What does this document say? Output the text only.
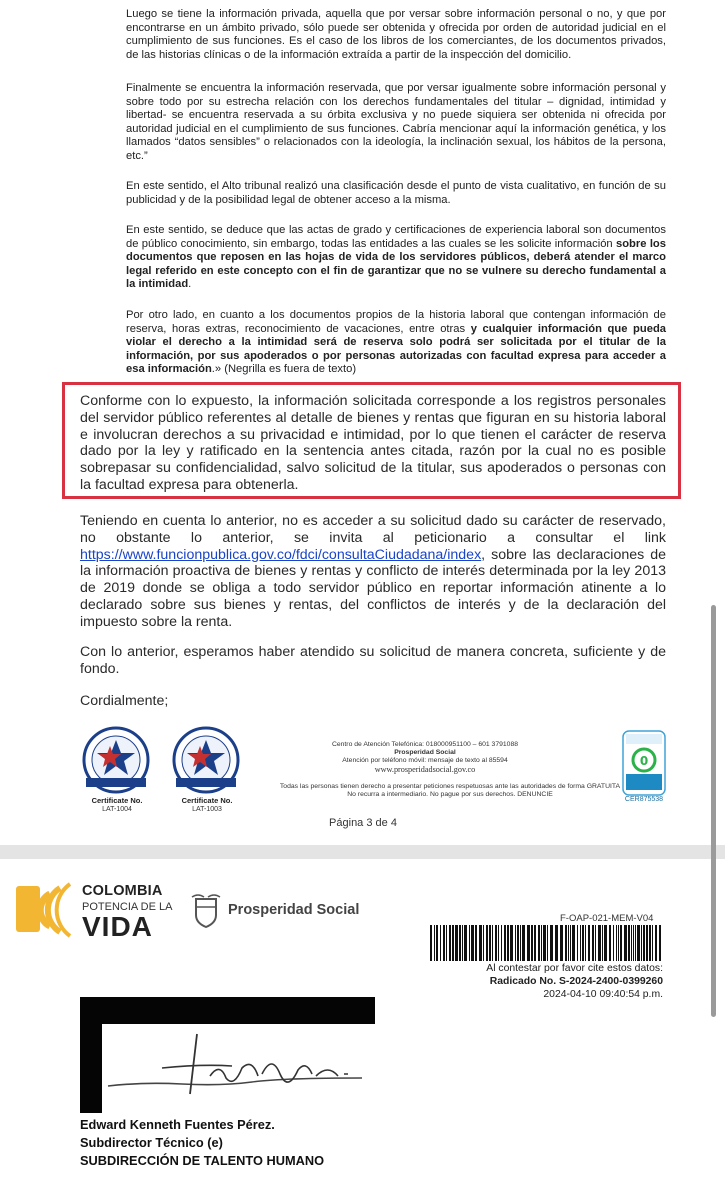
Luego se tiene la información privada, aquella que por versar sobre información personal o no, y que por encontrarse en un ámbito privado, sólo puede ser obtenida y ofrecida por orden de autoridad judicial en el cumplimiento de sus funciones. Es el caso de los libros de los comerciantes, de los documentos privados, de las historias clínicas o de la información extraída a partir de la inspección del domicilio.

Finalmente se encuentra la información reservada, que por versar igualmente sobre información personal y sobre todo por su estrecha relación con los derechos fundamentales del titular – dignidad, intimidad y libertad- se encuentra reservada a su órbita exclusiva y no puede siquiera ser obtenida ni ofrecida por autoridad judicial en el cumplimiento de sus funciones. Cabría mencionar aquí la información genética, y los llamados “datos sensibles” o relacionados con la ideología, la inclinación sexual, los hábitos de la persona, etc.”

En este sentido, el Alto tribunal realizó una clasificación desde el punto de vista cualitativo, en función de su publicidad y de la posibilidad legal de obtener acceso a la misma.

En este sentido, se deduce que las actas de grado y certificaciones de experiencia laboral son documentos de público conocimiento, sin embargo, todas las entidades a las cuales se les solicite información sobre los documentos que reposen en las hojas de vida de los servidores públicos, deberá atender el marco legal referido en este concepto con el fin de garantizar que no se vulnere su derecho fundamental a la intimidad.

Por otro lado, en cuanto a los documentos propios de la historia laboral que contengan información de reserva, horas extras, reconocimiento de vacaciones, entre otras y cualquier información que pueda violar el derecho a la intimidad será de reserva solo podrá ser solicitada por el titular de la información, por sus apoderados o por personas autorizadas con facultad expresa para acceder a esa información.» (Negrilla es fuera de texto)

Conforme con lo expuesto, la información solicitada corresponde a los registros personales del servidor público referentes al detalle de bienes y rentas que figuran en su historia laboral e involucran derechos a su privacidad e intimidad, por lo que tienen el carácter de reserva dado por la ley y ratificado en la sentencia antes citada, razón por la cual no es posible sobrepasar su confidencialidad, salvo solicitud de la titular, sus apoderados o personas con la facultad expresa para obtenerla.

Teniendo en cuenta lo anterior, no es acceder a su solicitud dado su carácter de reservado, no obstante lo anterior, se invita al peticionario a consultar el link https://www.funcionpublica.gov.co/fdci/consultaCiudadana/index, sobre las declaraciones de la información proactiva de bienes y rentas y conflicto de interés determinada por la ley 2013 de 2019 donde se obliga a todo servidor público en reportar información atinente a lo declarado sobre sus bienes y rentas, del conflictos de interés y de la declaración del impuesto sobre la renta.

Con lo anterior, esperamos haber atendido su solicitud de manera concreta, suficiente y de fondo.

Cordialmente;

Certificate No.
LAT-1004
Certificate No.
LAT-1003
Centro de Atención Telefónica: 018000951100 – 601 3791088
Prosperidad Social
Atención por teléfono móvil: mensaje de texto al 85594
www.prosperidadsocial.gov.co
Todas las personas tienen derecho a presentar peticiones respetuosas ante las autoridades de forma GRATUITA
No recurra a intermediario. No pague por sus derechos. DENUNCIE
0
CER875538
Página 3 de 4
COLOMBIA
POTENCIA DE LA
VIDA
Prosperidad Social
F-OAP-021-MEM-V04
Al contestar por favor cite estos datos:
Radicado No. S-2024-2400-0399260
2024-04-10 09:40:54 p.m.
Edward Kenneth Fuentes Pérez.
Subdirector Técnico (e)
SUBDIRECCIÓN DE TALENTO HUMANO
